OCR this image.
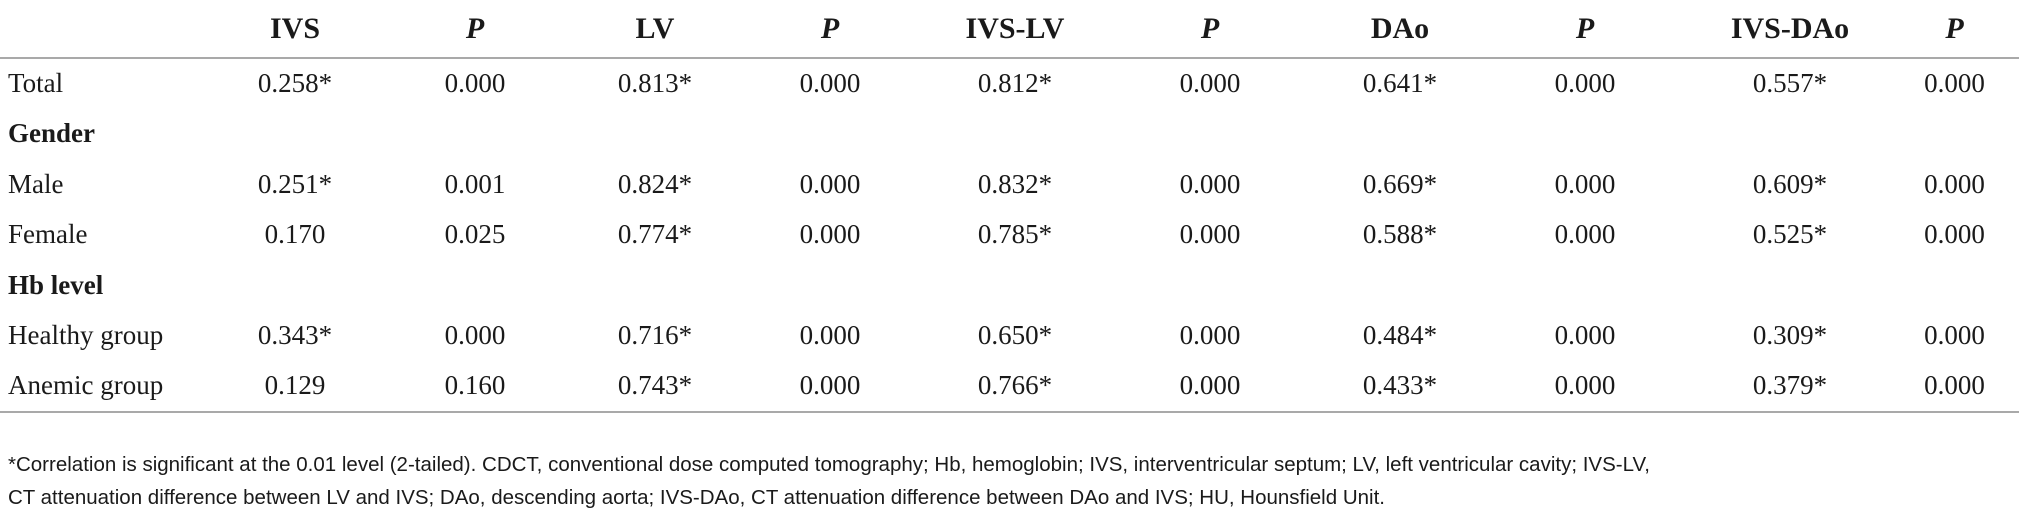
	IVS	P	LV	P	IVS-LV	P	DAo	P	IVS-DAo	P
Total	0.258*	0.000	0.813*	0.000	0.812*	0.000	0.641*	0.000	0.557*	0.000
Gender										
Male	0.251*	0.001	0.824*	0.000	0.832*	0.000	0.669*	0.000	0.609*	0.000
Female	0.170	0.025	0.774*	0.000	0.785*	0.000	0.588*	0.000	0.525*	0.000
Hb level										
Healthy group	0.343*	0.000	0.716*	0.000	0.650*	0.000	0.484*	0.000	0.309*	0.000
Anemic group	0.129	0.160	0.743*	0.000	0.766*	0.000	0.433*	0.000	0.379*	0.000
*Correlation is significant at the 0.01 level (2-tailed). CDCT, conventional dose computed tomography; Hb, hemoglobin; IVS, interventricular septum; LV, left ventricular cavity; IVS-LV,
CT attenuation difference between LV and IVS; DAo, descending aorta; IVS-DAo, CT attenuation difference between DAo and IVS; HU, Hounsfield Unit.
